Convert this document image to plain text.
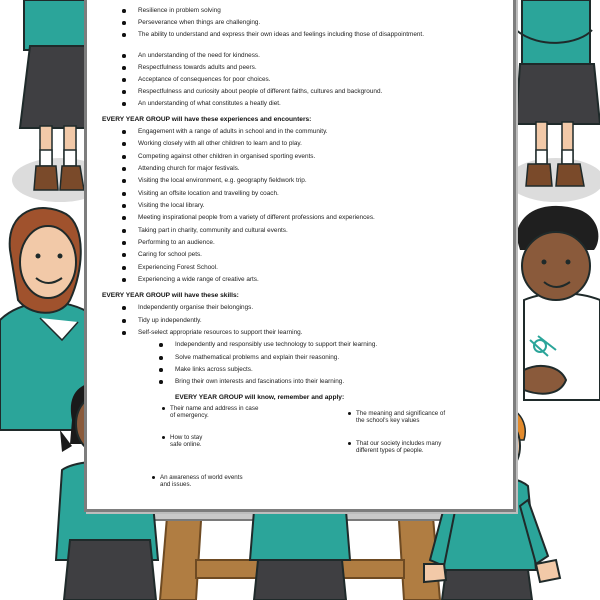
Resilience in problem solving

Perseverance when things are challenging.

The ability to understand and express their own ideas and feelings including those of disappointment.

An understanding of the need for kindness.

Respectfulness towards adults and peers.

Acceptance of consequences for poor choices.

Respectfulness and curiosity about people of different faiths, cultures and background.

An understanding of what constitutes a heatly diet.

EVERY YEAR GROUP will have these experiences and encounters:

Engagement with a range of adults in school and in the community.

Working closely with all other children to learn and to play.

Competing against other children in organised sporting events.

Attending church for major festivals.

Visiting the local environment, e.g. geography fieldwork trip.

Visiting an offsite location and travelling by coach.

Visiting the local library.

Meeting inspirational people from a variety of different professions and experiences.

Taking part in charity, community and cultural events.

Performing to an audience.

Caring for school pets.

Experiencing Forest School.

Experiencing a wide range of creative arts.

EVERY YEAR GROUP will have these skills:

Independently organise their belongings.

Tidy up independently.

Self-select appropriate resources to support their learning.

Independently and responsibly use technology to support their learning.

Solve mathematical problems and explain their reasoning.

Make links across subjects.

Bring their own interests and fascinations into their learning.

EVERY YEAR GROUP will know, remember and apply:

Their name and address in case of emergency.

How to stay safe online.

An awareness of world events and issues.

The meaning and significance of the school's key values

That our society includes many different types of people.
